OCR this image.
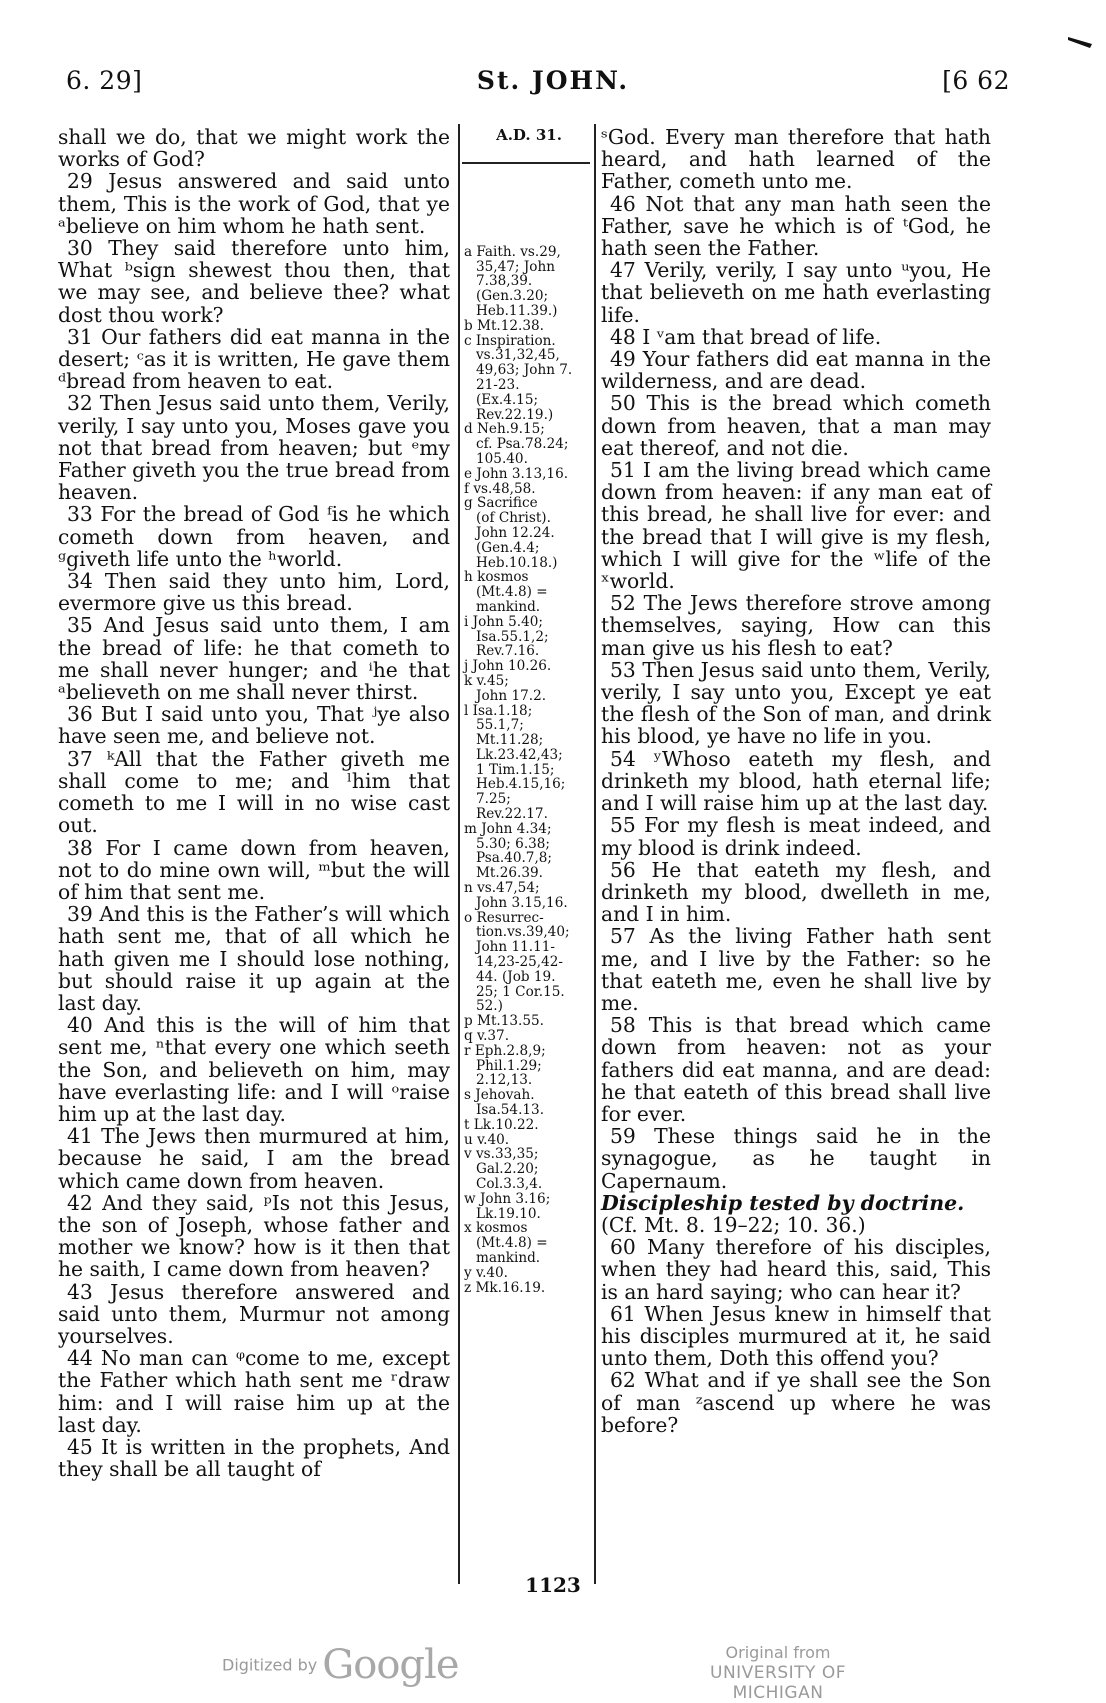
6. 29]	St. JOHN.	[6 62

shall we do, that we might work the works of God?

29 Jesus answered and said unto them, This is the work of God, that ye ᵃbelieve on him whom he hath sent.

30 They said therefore unto him, What ᵇsign shewest thou then, that we may see, and believe thee? what dost thou work?

31 Our fathers did eat manna in the desert; ᶜas it is written, He gave them ᵈbread from heaven to eat.

32 Then Jesus said unto them, Verily, verily, I say unto you, Moses gave you not that bread from heaven; but ᵉmy Father giveth you the true bread from heaven.

33 For the bread of God ᶠis he which cometh down from heaven, and ᵍgiveth life unto the ʰworld.

34 Then said they unto him, Lord, evermore give us this bread.

35 And Jesus said unto them, I am the bread of life: he that cometh to me shall never hunger; and ⁱhe that ᵃbelieveth on me shall never thirst.

36 But I said unto you, That ʲye also have seen me, and believe not.

37 ᵏAll that the Father giveth me shall come to me; and ˡhim that cometh to me I will in no wise cast out.

38 For I came down from heaven, not to do mine own will, ᵐbut the will of him that sent me.

39 And this is the Father’s will which hath sent me, that of all which he hath given me I should lose nothing, but should raise it up again at the last day.

40 And this is the will of him that sent me, ⁿthat every one which seeth the Son, and believeth on him, may have everlasting life: and I will ᵒraise him up at the last day.

41 The Jews then murmured at him, because he said, I am the bread which came down from heaven.

42 And they said, ᵖIs not this Jesus, the son of Joseph, whose father and mother we know? how is it then that he saith, I came down from heaven?

43 Jesus therefore answered and said unto them, Murmur not among yourselves.

44 No man can ᵠcome to me, except the Father which hath sent me ʳdraw him: and I will raise him up at the last day.

45 It is written in the prophets, And they shall be all taught of

A.D. 31.
a Faith. vs.29,
35,47; John
7.38,39.
(Gen.3.20;
Heb.11.39.)
b Mt.12.38.
c Inspiration.
vs.31,32,45,
49,63; John 7.
21-23.
(Ex.4.15;
Rev.22.19.)
d Neh.9.15;
cf. Psa.78.24;
105.40.
e John 3.13,16.
f vs.48,58.
g Sacrifice
(of Christ).
John 12.24.
(Gen.4.4;
Heb.10.18.)
h kosmos
(Mt.4.8) =
mankind.
i John 5.40;
Isa.55.1,2;
Rev.7.16.
j John 10.26.
k v.45;
John 17.2.
l Isa.1.18;
55.1,7;
Mt.11.28;
Lk.23.42,43;
1 Tim.1.15;
Heb.4.15,16;
7.25;
Rev.22.17.
m John 4.34;
5.30; 6.38;
Psa.40.7,8;
Mt.26.39.
n vs.47,54;
John 3.15,16.
o Resurrec-
tion.vs.39,40;
John 11.11-
14,23-25,42-
44. (Job 19.
25; 1 Cor.15.
52.)
p Mt.13.55.
q v.37.
r Eph.2.8,9;
Phil.1.29;
2.12,13.
s Jehovah.
Isa.54.13.
t Lk.10.22.
u v.40.
v vs.33,35;
Gal.2.20;
Col.3.3,4.
w John 3.16;
Lk.19.10.
x kosmos
(Mt.4.8) =
mankind.
y v.40.
z Mk.16.19.

ˢGod. Every man therefore that hath heard, and hath learned of the Father, cometh unto me.

46 Not that any man hath seen the Father, save he which is of ᵗGod, he hath seen the Father.

47 Verily, verily, I say unto ᵘyou, He that believeth on me hath everlasting life.

48 I ᵛam that bread of life.

49 Your fathers did eat manna in the wilderness, and are dead.

50 This is the bread which cometh down from heaven, that a man may eat thereof, and not die.

51 I am the living bread which came down from heaven: if any man eat of this bread, he shall live for ever: and the bread that I will give is my flesh, which I will give for the ʷlife of the ˣworld.

52 The Jews therefore strove among themselves, saying, How can this man give us his flesh to eat?

53 Then Jesus said unto them, Verily, verily, I say unto you, Except ye eat the flesh of the Son of man, and drink his blood, ye have no life in you.

54 ʸWhoso eateth my flesh, and drinketh my blood, hath eternal life; and I will raise him up at the last day.

55 For my flesh is meat indeed, and my blood is drink indeed.

56 He that eateth my flesh, and drinketh my blood, dwelleth in me, and I in him.

57 As the living Father hath sent me, and I live by the Father: so he that eateth me, even he shall live by me.

58 This is that bread which came down from heaven: not as your fathers did eat manna, and are dead: he that eateth of this bread shall live for ever.

59 These things said he in the synagogue, as he taught in Capernaum.

Discipleship tested by doctrine.

(Cf. Mt. 8. 19–22; 10. 36.)

60 Many therefore of his disciples, when they had heard this, said, This is an hard saying; who can hear it?

61 When Jesus knew in himself that his disciples murmured at it, he said unto them, Doth this offend you?

62 What and if ye shall see the Son of man ᶻascend up where he was before?

1123
Digitized by Google	Original from
UNIVERSITY OF MICHIGAN
